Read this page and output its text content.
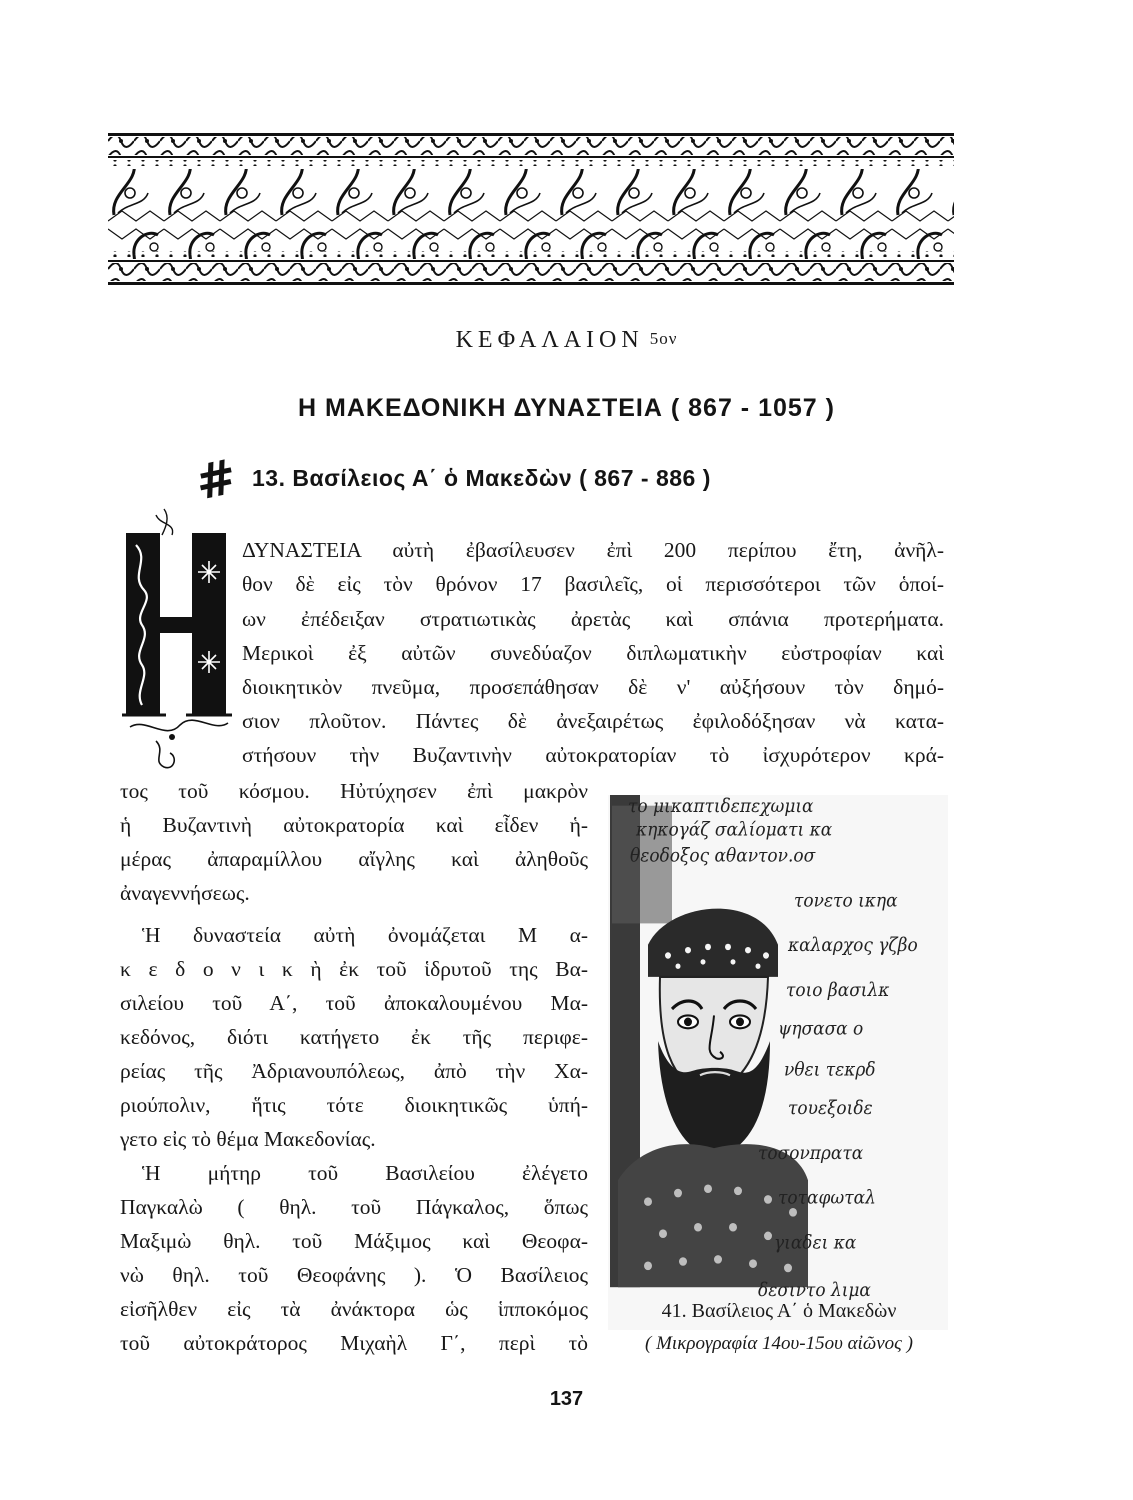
ΚΕΦΑΛΑΙΟΝ 5ον
Η ΜΑΚΕΔΟΝΙΚΗ ΔΥΝΑΣΤΕΙΑ ( 867 - 1057 )
# 13. Βασίλειος Α΄ ὁ Μακεδὼν ( 867 - 886 )
Η
ΔΥΝΑΣΤΕΙΑ αὐτὴ ἐβασίλευσεν ἐπὶ 200 περίπου ἔτη, ἀνῆλ-
θον δὲ εἰς τὸν θρόνον 17 βασιλεῖς, οἱ περισσότεροι τῶν ὁποί-
ων ἐπέδειξαν στρατιωτικὰς ἀρετὰς καὶ σπάνια προτερήματα.
Μερικοὶ ἐξ αὐτῶν συνεδύαζον διπλωματικὴν εὐστροφίαν καὶ
διοικητικὸν πνεῦμα, προσεπάθησαν δὲ ν' αὐξήσουν τὸν δημό-
σιον πλοῦτον. Πάντες δὲ ἀνεξαιρέτως ἐφιλοδόξησαν νὰ κατα-
στήσουν τὴν Βυζαντινὴν αὐτοκρατορίαν τὸ ἰσχυρότερον κρά-
τος τοῦ κόσμου. Ηὐτύχησεν ἐπὶ μακρὸν
ἡ Βυζαντινὴ αὐτοκρατορία καὶ εἶδεν ἡ-
μέρας ἀπαραμίλλου αἴγλης καὶ ἀληθοῦς
ἀναγεννήσεως.
Ἡ δυναστεία αὐτὴ ὀνομάζεται Μ α-
κ ε δ ο ν ι κ ὴ ἐκ τοῦ ἱδρυτοῦ της Βα-
σιλείου τοῦ Α΄, τοῦ ἀποκαλουμένου Μα-
κεδόνος, διότι κατήγετο ἐκ τῆς περιφε-
ρείας τῆς Ἀδριανουπόλεως, ἀπὸ τὴν Χα-
ριούπολιν, ἥτις τότε διοικητικῶς ὑπή-
γετο εἰς τὸ θέμα Μακεδονίας.
Ἡ μήτηρ τοῦ Βασιλείου ἐλέγετο
Παγκαλὼ ( θηλ. τοῦ Πάγκαλος, ὅπως
Μαξιμὼ θηλ. τοῦ Μάξιμος καὶ Θεοφα-
νὼ θηλ. τοῦ Θεοφάνης ). Ὁ Βασίλειος
εἰσῆλθεν εἰς τὰ ἀνάκτορα ὡς ἱπποκόμος
τοῦ αὐτοκράτορος Μιχαὴλ Γ΄, περὶ τὸ
το μικαπτιδεπεχωμια
κηκογάζ σαλίοματι κα
θεοδοξος αθαντον.οσ
τονετο ικηα
καλαρχος γζβο
τοιο βασιλκ
ψησασα ο
νθει τεκρδ
τουεξοιδε
τοσονπρατα
τοταφωταλ
γιαδει κα
δεσιντο λιμα
41. Βασίλειος Α΄ ὁ Μακεδὼν
( Μικρογραφία 14ου-15ου αἰῶνος )
137
